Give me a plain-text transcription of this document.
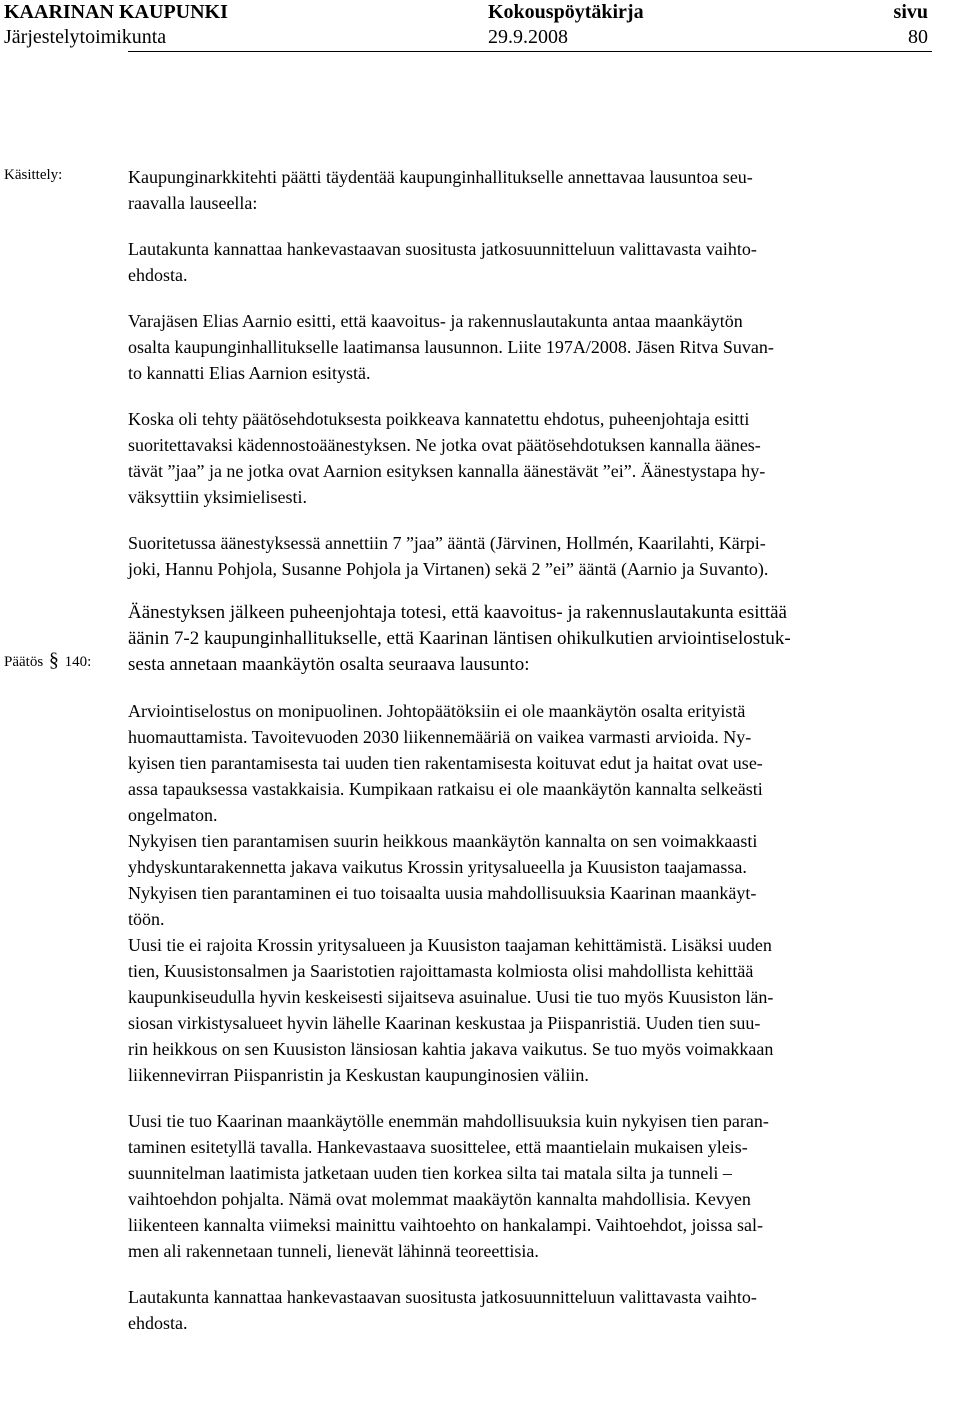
KAARINAN KAUPUNKI	Kokouspöytäkirja	sivu
Järjestelytoimikunta	29.9.2008	80
Käsittely:
Päätös § 140:
Kaupunginarkkitehti päätti täydentää kaupunginhallitukselle annettavaa lausuntoa seu-
raavalla lauseella:
Lautakunta kannattaa hankevastaavan suositusta jatkosuunnitteluun valittavasta vaihto-
ehdosta.
Varajäsen Elias Aarnio esitti, että kaavoitus- ja rakennuslautakunta antaa maankäytön
osalta kaupunginhallitukselle laatimansa lausunnon. Liite 197A/2008. Jäsen Ritva Suvan-
to kannatti Elias Aarnion esitystä.
Koska oli tehty päätösehdotuksesta poikkeava kannatettu ehdotus, puheenjohtaja esitti
suoritettavaksi kädennostoäänestyksen. Ne jotka ovat päätösehdotuksen kannalla äänes-
tävät ”jaa” ja ne jotka ovat Aarnion esityksen kannalla äänestävät ”ei”. Äänestystapa hy-
väksyttiin yksimielisesti.
Suoritetussa äänestyksessä annettiin 7 ”jaa” ääntä (Järvinen, Hollmén, Kaarilahti, Kärpi-
joki, Hannu Pohjola, Susanne Pohjola ja Virtanen) sekä 2 ”ei” ääntä (Aarnio ja Suvanto).
Äänestyksen jälkeen puheenjohtaja totesi, että kaavoitus- ja rakennuslautakunta esittää
äänin 7-2 kaupunginhallitukselle, että Kaarinan läntisen ohikulkutien arviointiselostuk-
sesta annetaan maankäytön osalta seuraava lausunto:
Arviointiselostus on monipuolinen. Johtopäätöksiin ei ole maankäytön osalta erityistä
huomauttamista. Tavoitevuoden 2030 liikennemääriä on vaikea varmasti arvioida. Ny-
kyisen tien parantamisesta tai uuden tien rakentamisesta koituvat edut ja haitat ovat use-
assa tapauksessa vastakkaisia. Kumpikaan ratkaisu ei ole maankäytön kannalta selkeästi
ongelmaton.
Nykyisen tien parantamisen suurin heikkous maankäytön kannalta on sen voimakkaasti
yhdyskuntarakennetta jakava vaikutus Krossin yritysalueella ja Kuusiston taajamassa.
Nykyisen tien parantaminen ei tuo toisaalta uusia mahdollisuuksia Kaarinan maankäyt-
töön.
Uusi tie ei rajoita Krossin yritysalueen ja Kuusiston taajaman kehittämistä. Lisäksi uuden
tien, Kuusistonsalmen ja Saaristotien rajoittamasta kolmiosta olisi mahdollista kehittää
kaupunkiseudulla hyvin keskeisesti sijaitseva asuinalue. Uusi tie tuo myös Kuusiston län-
siosan virkistysalueet hyvin lähelle Kaarinan keskustaa ja Piispanristiä. Uuden tien suu-
rin heikkous on sen Kuusiston länsiosan kahtia jakava vaikutus. Se tuo myös voimakkaan
liikennevirran Piispanristin ja Keskustan kaupunginosien väliin.
Uusi tie tuo Kaarinan maankäytölle enemmän mahdollisuuksia kuin nykyisen tien paran-
taminen esitetyllä tavalla. Hankevastaava suosittelee, että maantielain mukaisen yleis-
suunnitelman laatimista jatketaan uuden tien korkea silta tai matala silta ja tunneli –
vaihtoehdon pohjalta. Nämä ovat molemmat maakäytön kannalta mahdollisia. Kevyen
liikenteen kannalta viimeksi mainittu vaihtoehto on hankalampi. Vaihtoehdot, joissa sal-
men ali rakennetaan tunneli, lienevät lähinnä teoreettisia.
Lautakunta kannattaa hankevastaavan suositusta jatkosuunnitteluun valittavasta vaihto-
ehdosta.
